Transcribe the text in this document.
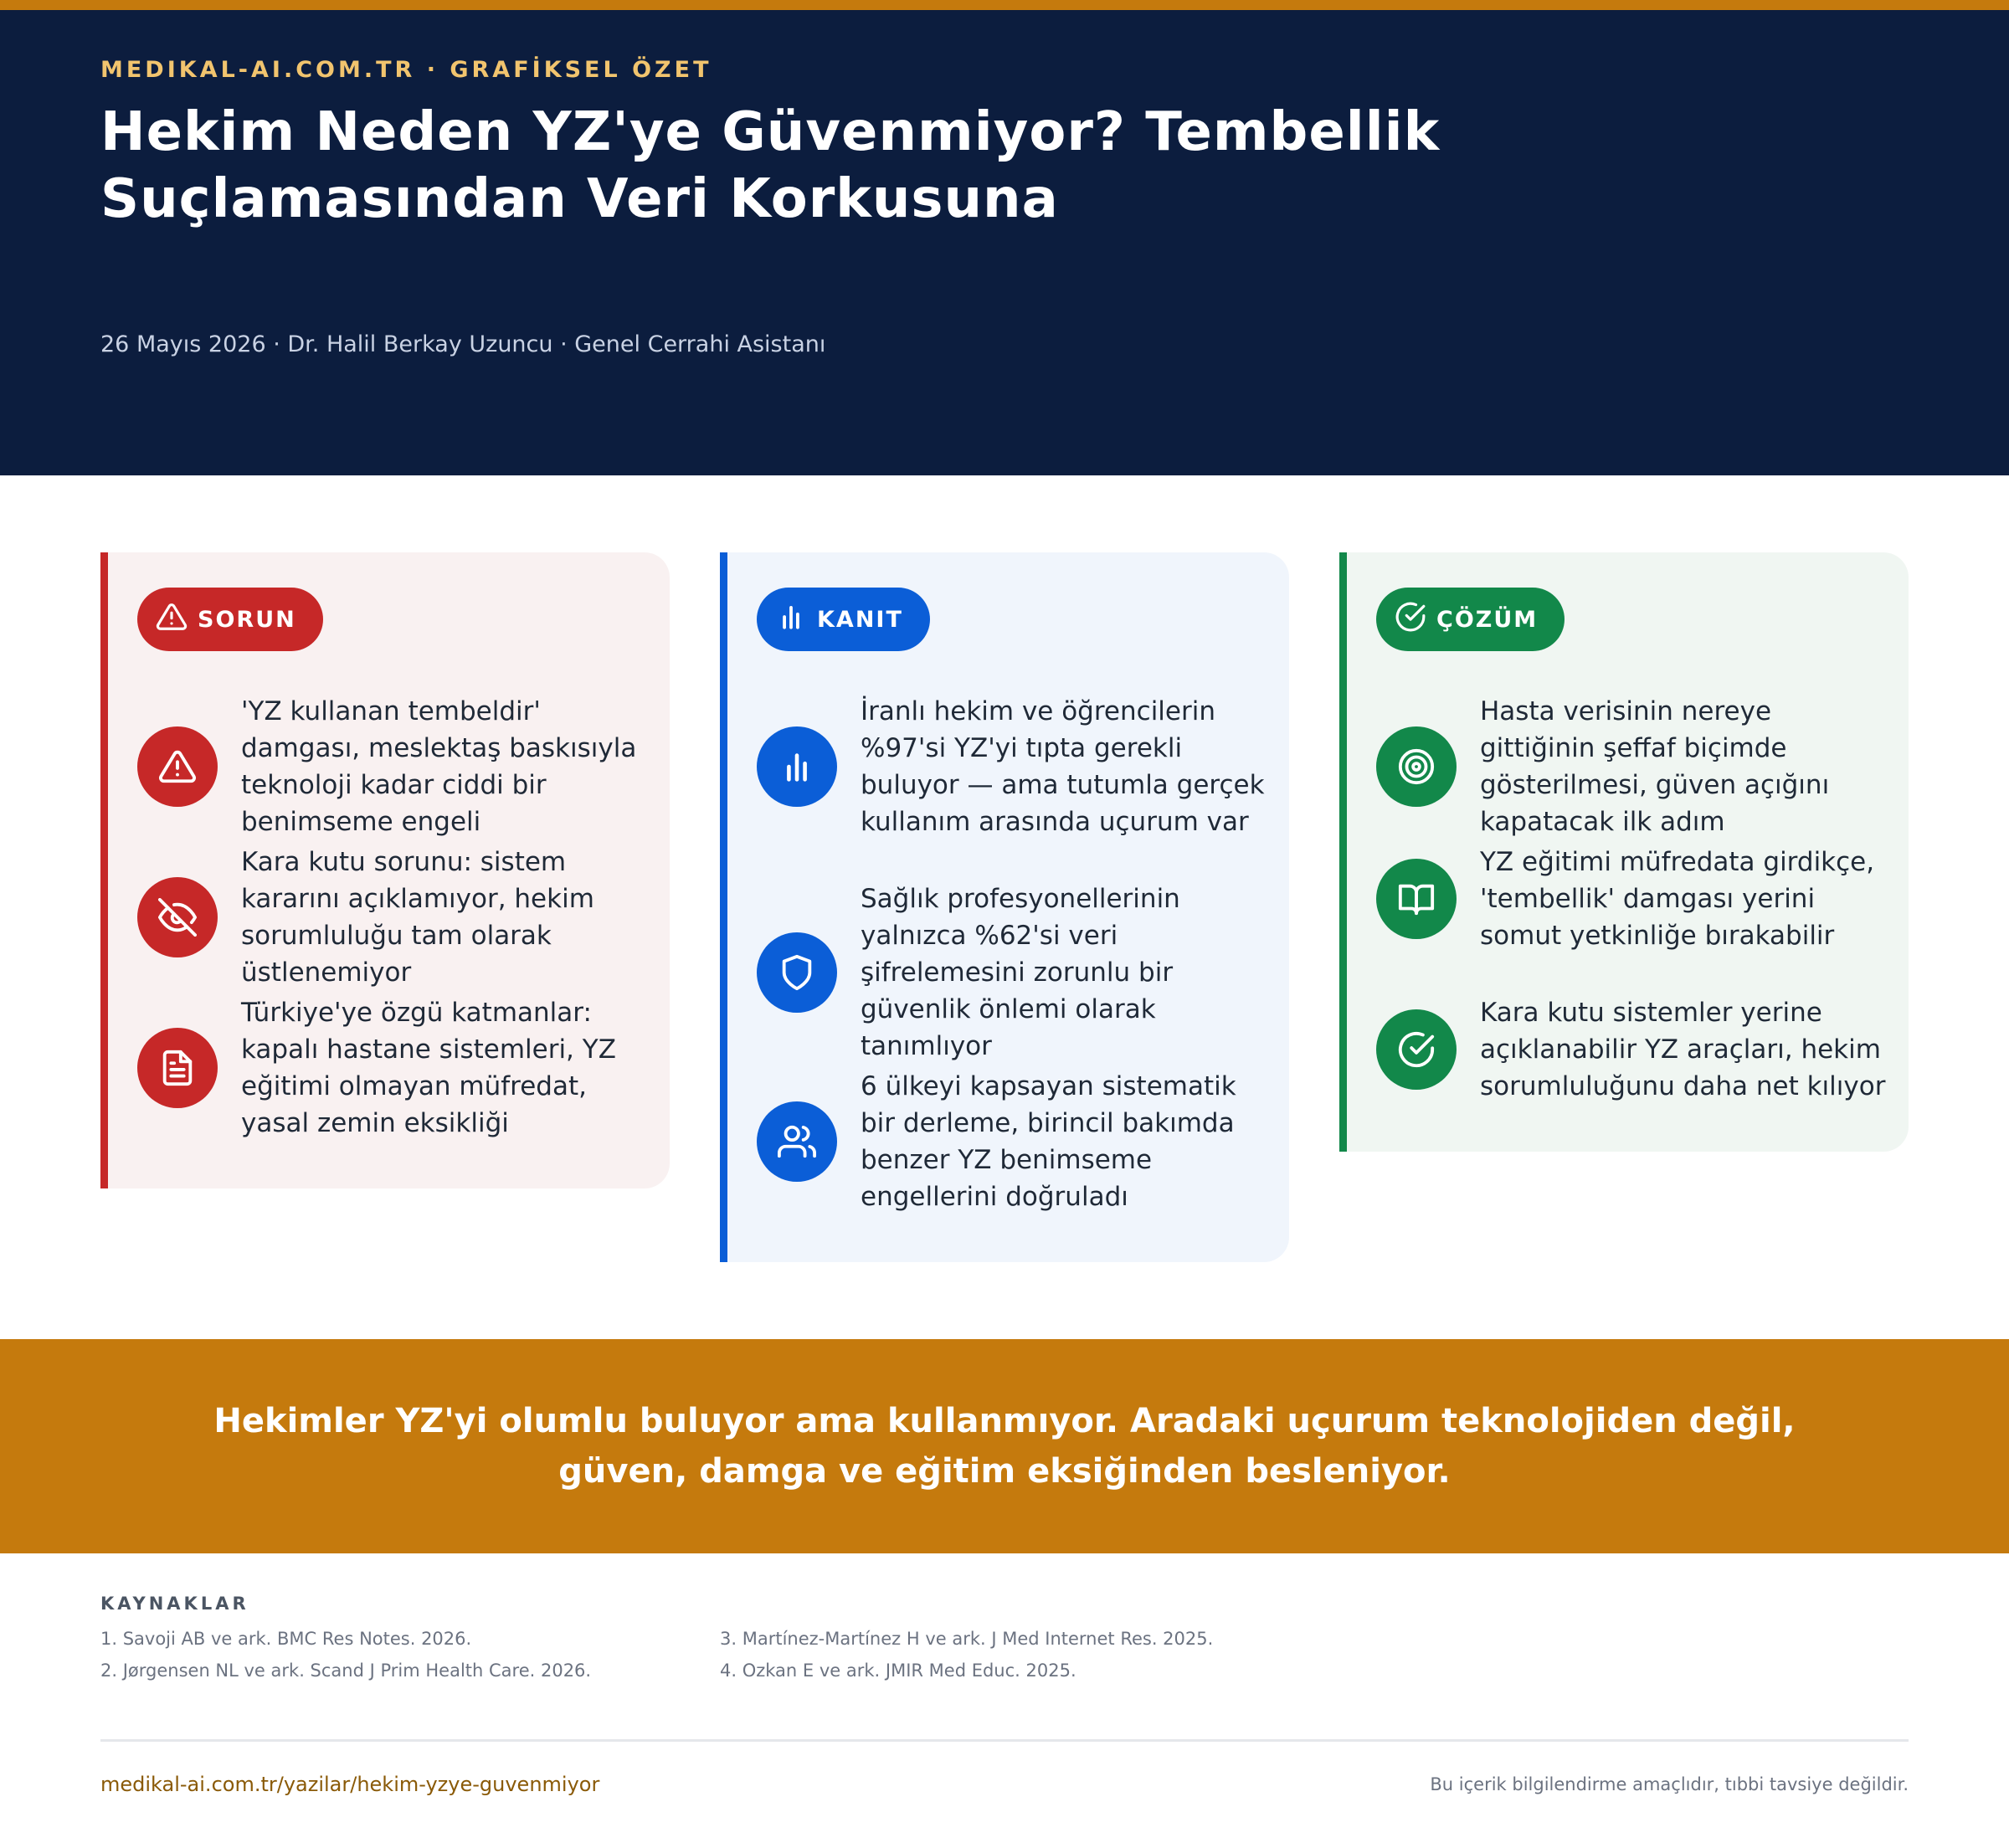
MEDIKAL-AI.COM.TR · GRAFİKSEL ÖZET
Hekim Neden YZ'ye Güvenmiyor? Tembellik Suçlamasından Veri Korkusuna
26 Mayıs 2026 · Dr. Halil Berkay Uzuncu · Genel Cerrahi Asistanı
SORUN

'YZ kullanan tembeldir' damgası, meslektaş baskısıyla teknoloji kadar ciddi bir benimseme engeli

Kara kutu sorunu: sistem kararını açıklamıyor, hekim sorumluluğu tam olarak üstlenemiyor

Türkiye'ye özgü katmanlar: kapalı hastane sistemleri, YZ eğitimi olmayan müfredat, yasal zemin eksikliği

KANIT

İranlı hekim ve öğrencilerin %97'si YZ'yi tıpta gerekli buluyor — ama tutumla gerçek kullanım arasında uçurum var

Sağlık profesyonellerinin yalnızca %62'si veri şifrelemesini zorunlu bir güvenlik önlemi olarak tanımlıyor

6 ülkeyi kapsayan sistematik bir derleme, birincil bakımda benzer YZ benimseme engellerini doğruladı

ÇÖZÜM

Hasta verisinin nereye gittiğinin şeffaf biçimde gösterilmesi, güven açığını kapatacak ilk adım

YZ eğitimi müfredata girdikçe, 'tembellik' damgası yerini somut yetkinliğe bırakabilir

Kara kutu sistemler yerine açıklanabilir YZ araçları, hekim sorumluluğunu daha net kılıyor

Hekimler YZ'yi olumlu buluyor ama kullanmıyor. Aradaki uçurum teknolojiden değil, güven, damga ve eğitim eksiğinden besleniyor.

KAYNAKLAR
1. Savoji AB ve ark. BMC Res Notes. 2026.
2. Jørgensen NL ve ark. Scand J Prim Health Care. 2026.
3. Martínez-Martínez H ve ark. J Med Internet Res. 2025.
4. Ozkan E ve ark. JMIR Med Educ. 2025.
medikal-ai.com.tr/yazilar/hekim-yzye-guvenmiyor	Bu içerik bilgilendirme amaçlıdır, tıbbi tavsiye değildir.
